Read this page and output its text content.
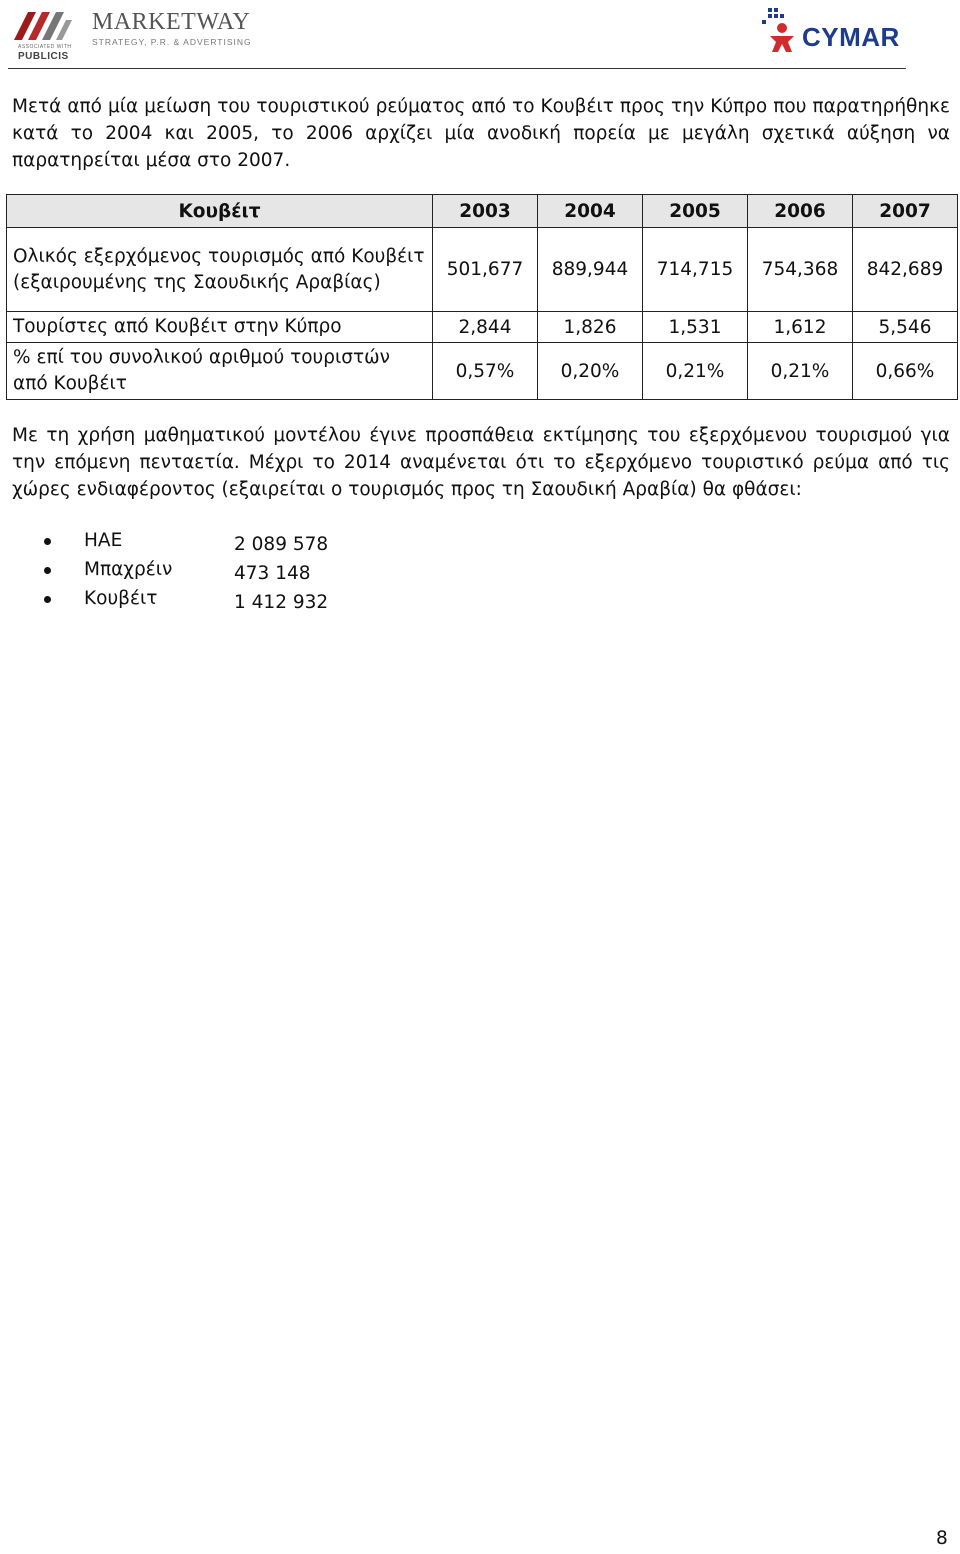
MARKETWAY
STRATEGY, P.R. & ADVERTISING
ASSOCIATED WITH
PUBLICIS
CYMAR
Μετά από μία μείωση του τουριστικού ρεύματος από το Κουβέιτ προς την Κύπρο που παρατηρήθηκε κατά το 2004 και 2005, το 2006 αρχίζει μία ανοδική πορεία με μεγάλη σχετικά αύξηση να παρατηρείται μέσα στο 2007.
Κουβέιτ	2003	2004	2005	2006	2007
Ολικός εξερχόμενος τουρισμός από Κουβέιτ (εξαιρουμένης της Σαουδικής Αραβίας)	501,677	889,944	714,715	754,368	842,689
Τουρίστες από Κουβέιτ στην Κύπρο	2,844	1,826	1,531	1,612	5,546
% επί του συνολικού αριθμού τουριστών από Κουβέιτ	0,57%	0,20%	0,21%	0,21%	0,66%
Με τη χρήση μαθηματικού μοντέλου έγινε προσπάθεια εκτίμησης του εξερχόμενου τουρισμού για την επόμενη πενταετία. Μέχρι το 2014 αναμένεται ότι το εξερχόμενο τουριστικό ρεύμα από τις χώρες ενδιαφέροντος (εξαιρείται ο τουρισμός προς τη Σαουδική Αραβία) θα φθάσει:
ΗΑΕ	2 089 578
Μπαχρέιν	473 148
Κουβέιτ	1 412 932
8
